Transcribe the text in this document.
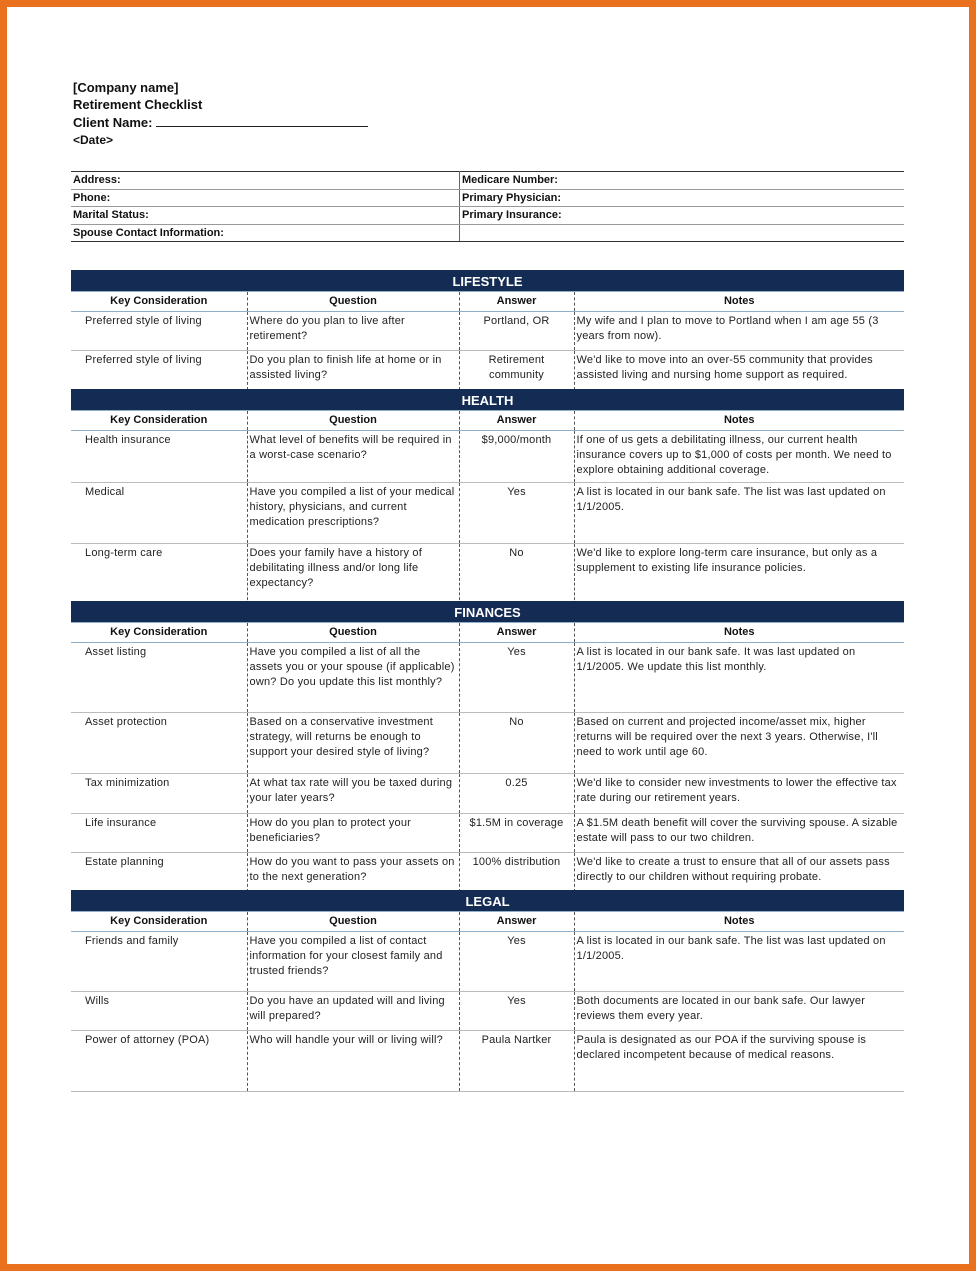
[Company name]
Retirement Checklist
Client Name:
<Date>
Address:	Medicare Number:
Phone:	Primary Physician:
Marital Status:	Primary Insurance:
Spouse Contact Information:	
LIFESTYLE
Key Consideration	Question	Answer	Notes
Preferred style of living	Where do you plan to live after retirement?	Portland, OR	My wife and I plan to move to Portland when I am age 55 (3 years from now).
Preferred style of living	Do you plan to finish life at home or in assisted living?	Retirement community	We'd like to move into an over-55 community that provides assisted living and nursing home support as required.
HEALTH
Key Consideration	Question	Answer	Notes
Health insurance	What level of benefits will be required in a worst-case scenario?	$9,000/month	If one of us gets a debilitating illness, our current health insurance covers up to $1,000 of costs per month. We need to explore obtaining additional coverage.
Medical	Have you compiled a list of your medical history, physicians, and current medication prescriptions?	Yes	A list is located in our bank safe. The list was last updated on 1/1/2005.
Long-term care	Does your family have a history of debilitating illness and/or long life expectancy?	No	We'd like to explore long-term care insurance, but only as a supplement to existing life insurance policies.
FINANCES
Key Consideration	Question	Answer	Notes
Asset listing	Have you compiled a list of all the assets you or your spouse (if applicable) own? Do you update this list monthly?	Yes	A list is located in our bank safe. It was last updated on 1/1/2005. We update this list monthly.
Asset protection	Based on a conservative investment strategy, will returns be enough to support your desired style of living?	No	Based on current and projected income/asset mix, higher returns will be required over the next 3 years. Otherwise, I'll need to work until age 60.
Tax minimization	At what tax rate will you be taxed during your later years?	0.25	We'd like to consider new investments to lower the effective tax rate during our retirement years.
Life insurance	How do you plan to protect your beneficiaries?	$1.5M in coverage	A $1.5M death benefit will cover the surviving spouse. A sizable estate will pass to our two children.
Estate planning	How do you want to pass your assets on to the next generation?	100% distribution	We'd like to create a trust to ensure that all of our assets pass directly to our children without requiring probate.
LEGAL
Key Consideration	Question	Answer	Notes
Friends and family	Have you compiled a list of contact information for your closest family and trusted friends?	Yes	A list is located in our bank safe. The list was last updated on 1/1/2005.
Wills	Do you have an updated will and living will prepared?	Yes	Both documents are located in our bank safe. Our lawyer reviews them every year.
Power of attorney (POA)	Who will handle your will or living will?	Paula Nartker	Paula is designated as our POA if the surviving spouse is declared incompetent because of medical reasons.
